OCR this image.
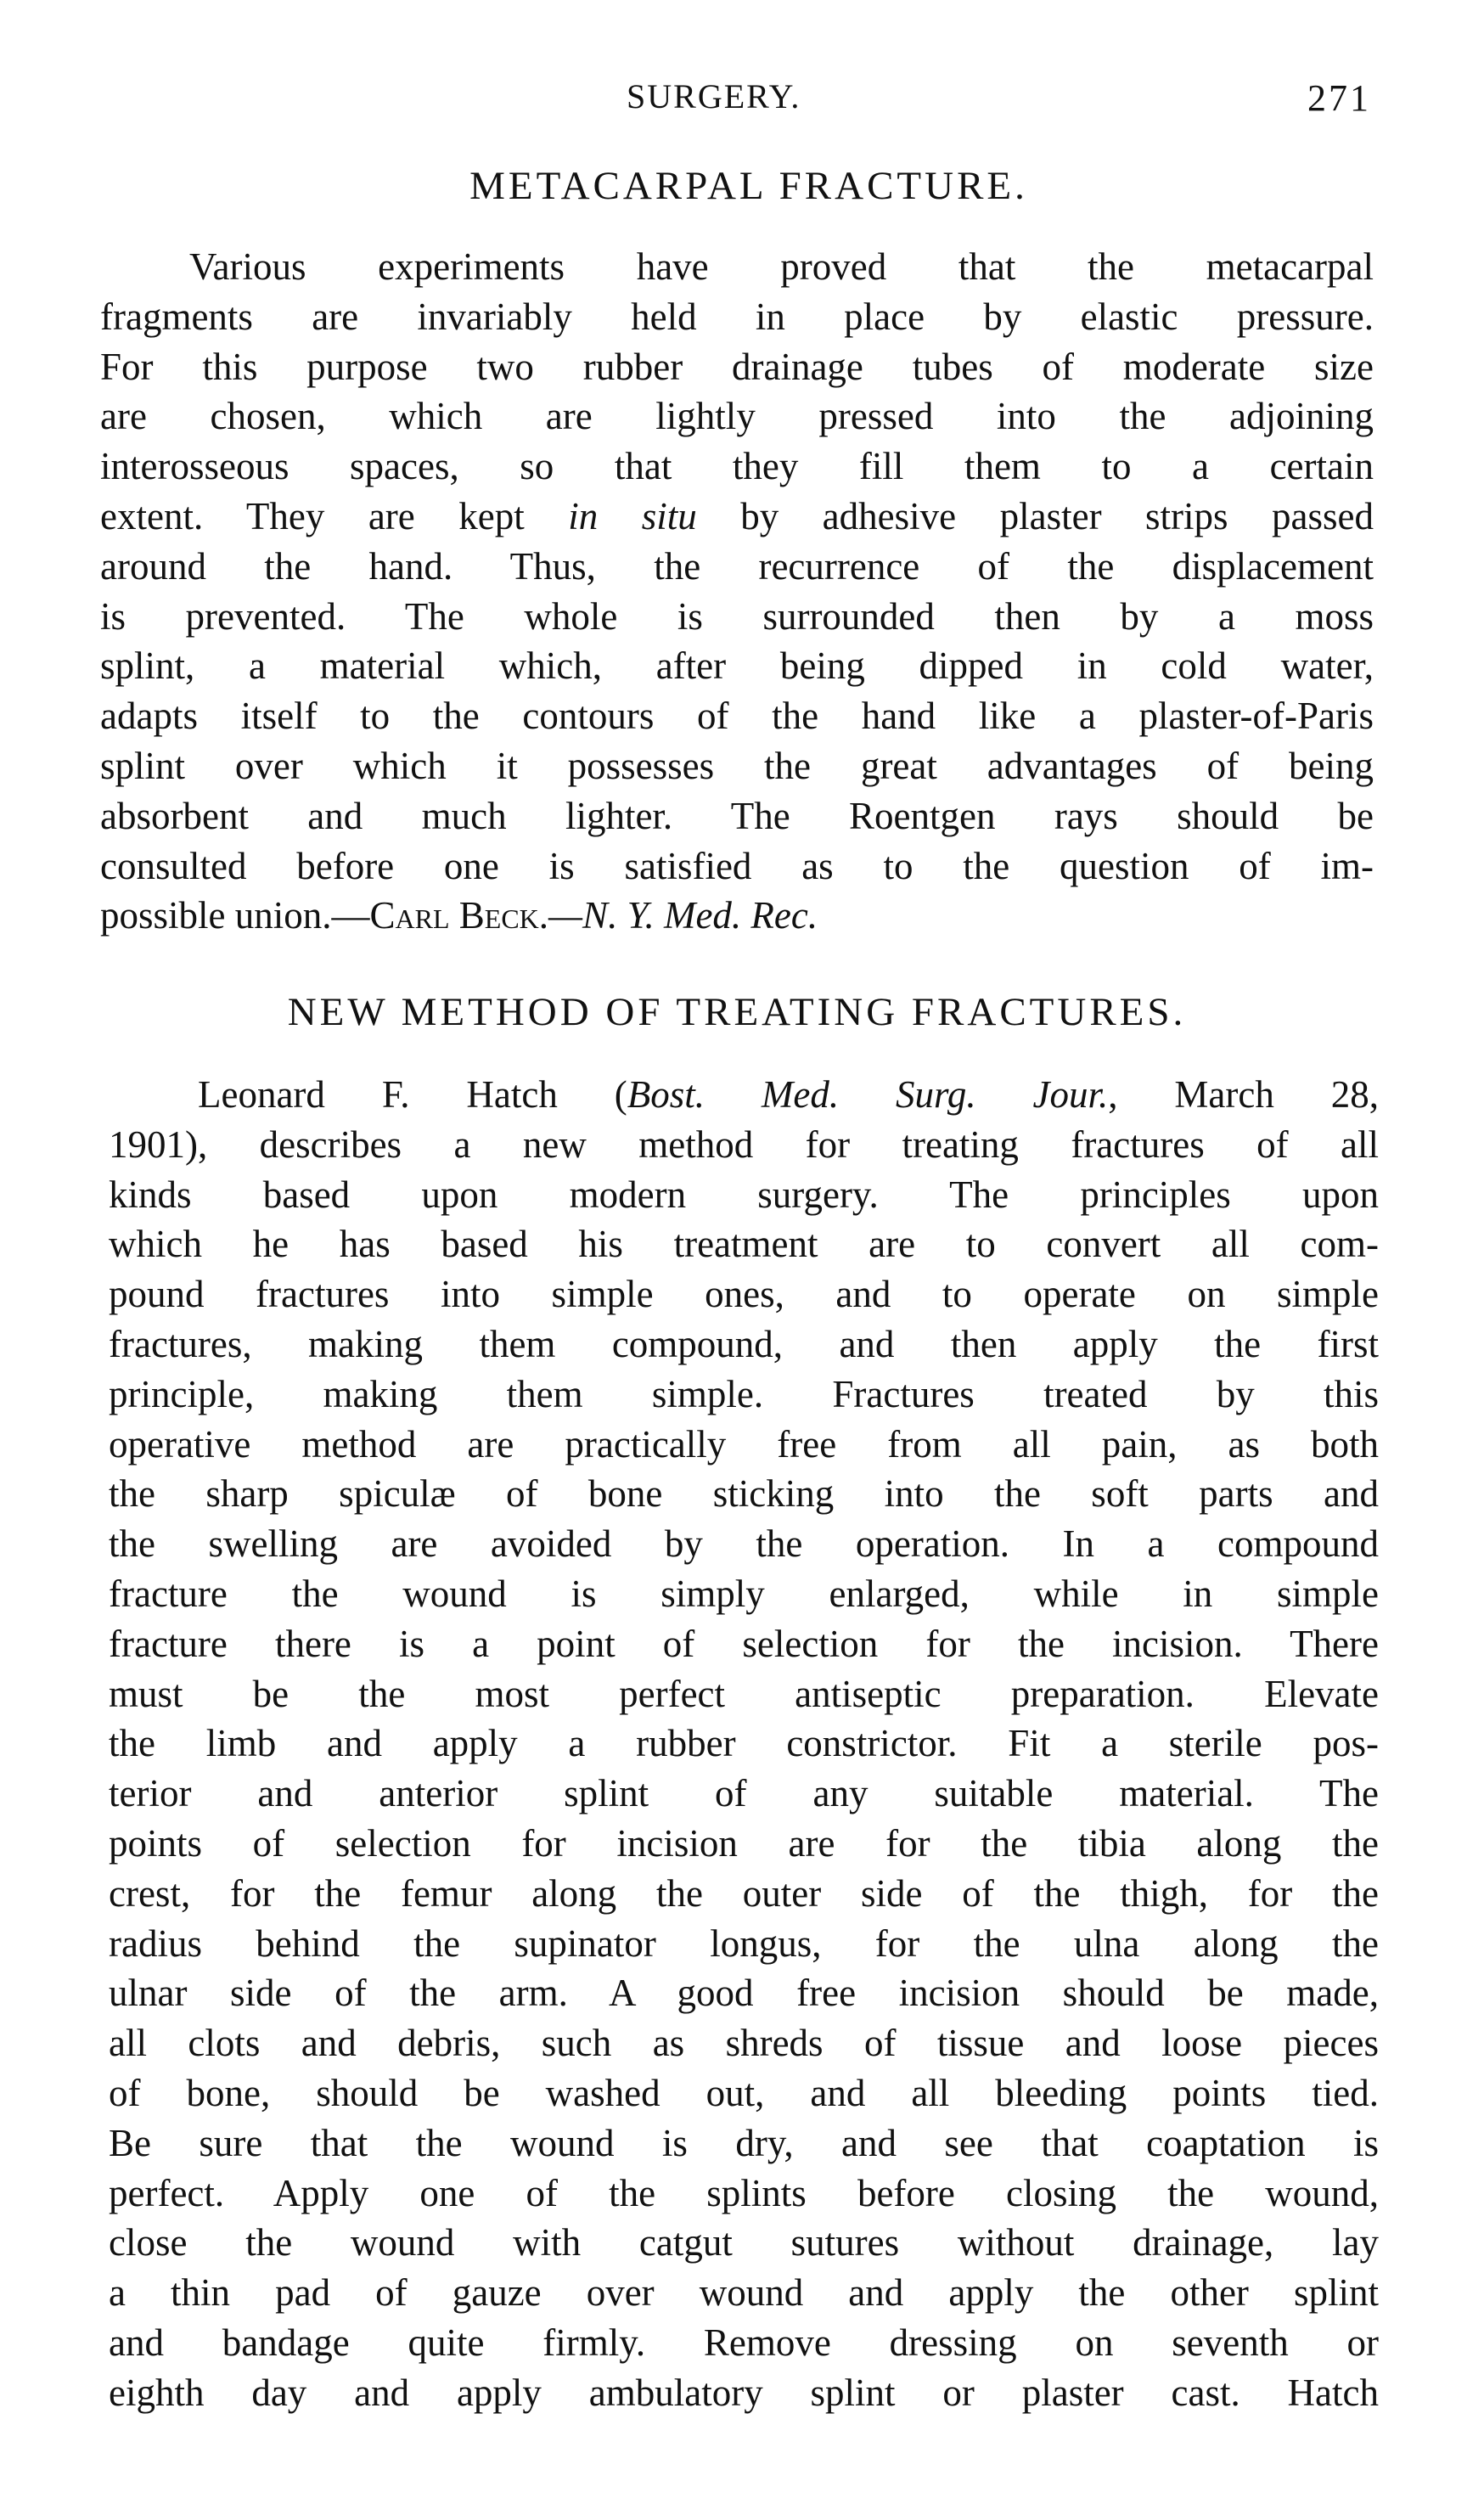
SURGERY.	271
METACARPAL FRACTURE.
Various experiments have proved that the metacarpal
fragments are invariably held in place by elastic pressure.
For this purpose two rubber drainage tubes of moderate size
are chosen, which are lightly pressed into the adjoining
interosseous spaces, so that they fill them to a certain
extent. They are kept in situ by adhesive plaster strips passed
around the hand. Thus, the recurrence of the displacement
is prevented. The whole is surrounded then by a moss
splint, a material which, after being dipped in cold water,
adapts itself to the contours of the hand like a plaster-of-Paris
splint over which it possesses the great advantages of being
absorbent and much lighter. The Roentgen rays should be
consulted before one is satisfied as to the question of im-
possible union.—Carl Beck.—N. Y. Med. Rec.
NEW METHOD OF TREATING FRACTURES.
Leonard F. Hatch (Bost. Med. Surg. Jour., March 28,
1901), describes a new method for treating fractures of all
kinds based upon modern surgery. The principles upon
which he has based his treatment are to convert all com-
pound fractures into simple ones, and to operate on simple
fractures, making them compound, and then apply the first
principle, making them simple. Fractures treated by this
operative method are practically free from all pain, as both
the sharp spiculæ of bone sticking into the soft parts and
the swelling are avoided by the operation. In a compound
fracture the wound is simply enlarged, while in simple
fracture there is a point of selection for the incision. There
must be the most perfect antiseptic preparation. Elevate
the limb and apply a rubber constrictor. Fit a sterile pos-
terior and anterior splint of any suitable material. The
points of selection for incision are for the tibia along the
crest, for the femur along the outer side of the thigh, for the
radius behind the supinator longus, for the ulna along the
ulnar side of the arm. A good free incision should be made,
all clots and debris, such as shreds of tissue and loose pieces
of bone, should be washed out, and all bleeding points tied.
Be sure that the wound is dry, and see that coaptation is
perfect. Apply one of the splints before closing the wound,
close the wound with catgut sutures without drainage, lay
a thin pad of gauze over wound and apply the other splint
and bandage quite firmly. Remove dressing on seventh or
eighth day and apply ambulatory splint or plaster cast. Hatch
